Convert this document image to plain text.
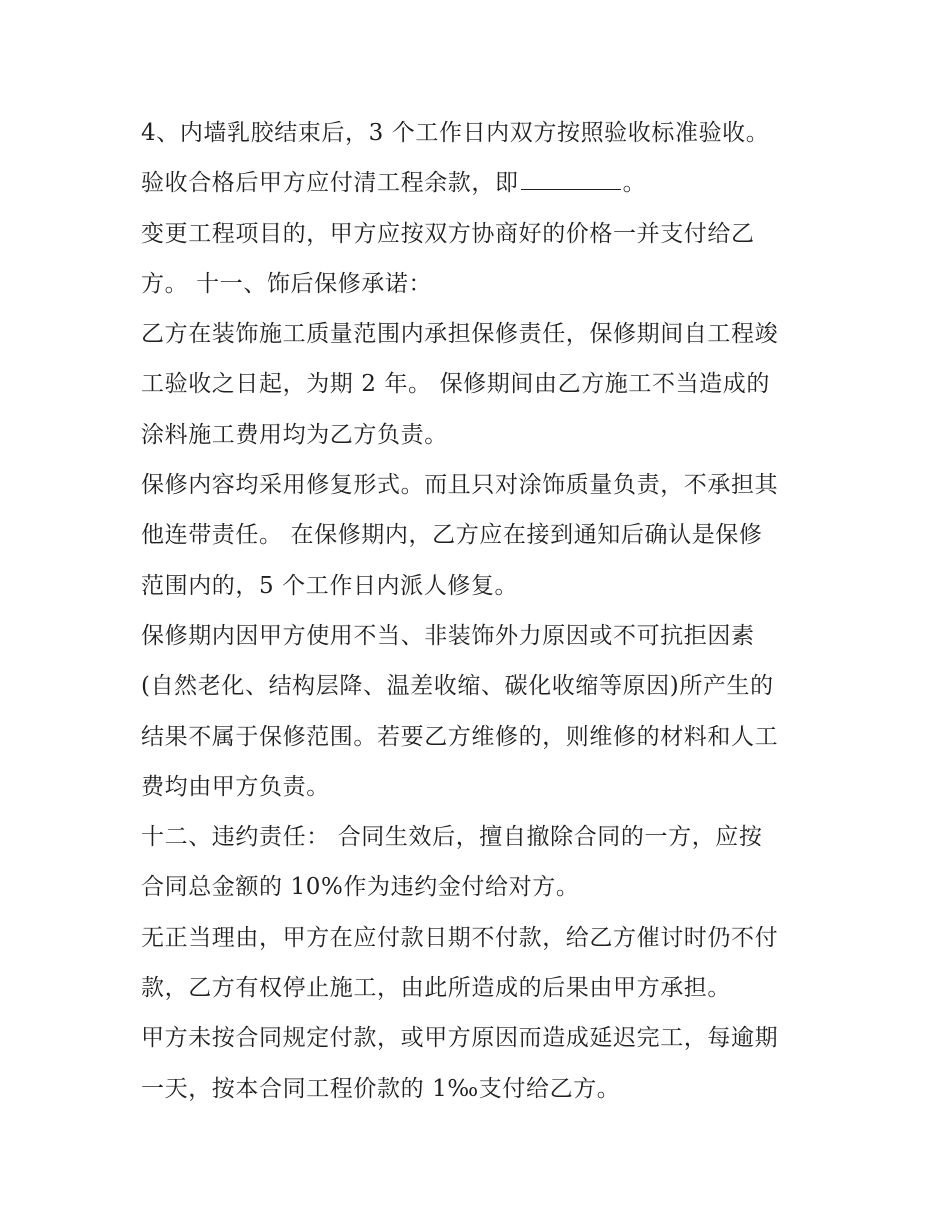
4、内墙乳胶结束后，3 个工作日内双方按照验收标准验收。

验收合格后甲方应付清工程余款，即	。

变更工程项目的，甲方应按双方协商好的价格一并支付给乙
方。 十一、饰后保修承诺：

乙方在装饰施工质量范围内承担保修责任，保修期间自工程竣
工验收之日起，为期 2 年。 保修期间由乙方施工不当造成的
涂料施工费用均为乙方负责。

保修内容均采用修复形式。而且只对涂饰质量负责，不承担其
他连带责任。 在保修期内，乙方应在接到通知后确认是保修
范围内的，5 个工作日内派人修复。

保修期内因甲方使用不当、非装饰外力原因或不可抗拒因素
(自然老化、结构层降、温差收缩、碳化收缩等原因)所产生的
结果不属于保修范围。若要乙方维修的，则维修的材料和人工
费均由甲方负责。

十二、违约责任： 合同生效后，擅自撤除合同的一方，应按
合同总金额的 10%作为违约金付给对方。

无正当理由，甲方在应付款日期不付款，给乙方催讨时仍不付
款，乙方有权停止施工，由此所造成的后果由甲方承担。

甲方未按合同规定付款，或甲方原因而造成延迟完工，每逾期
一天，按本合同工程价款的 1‰支付给乙方。
